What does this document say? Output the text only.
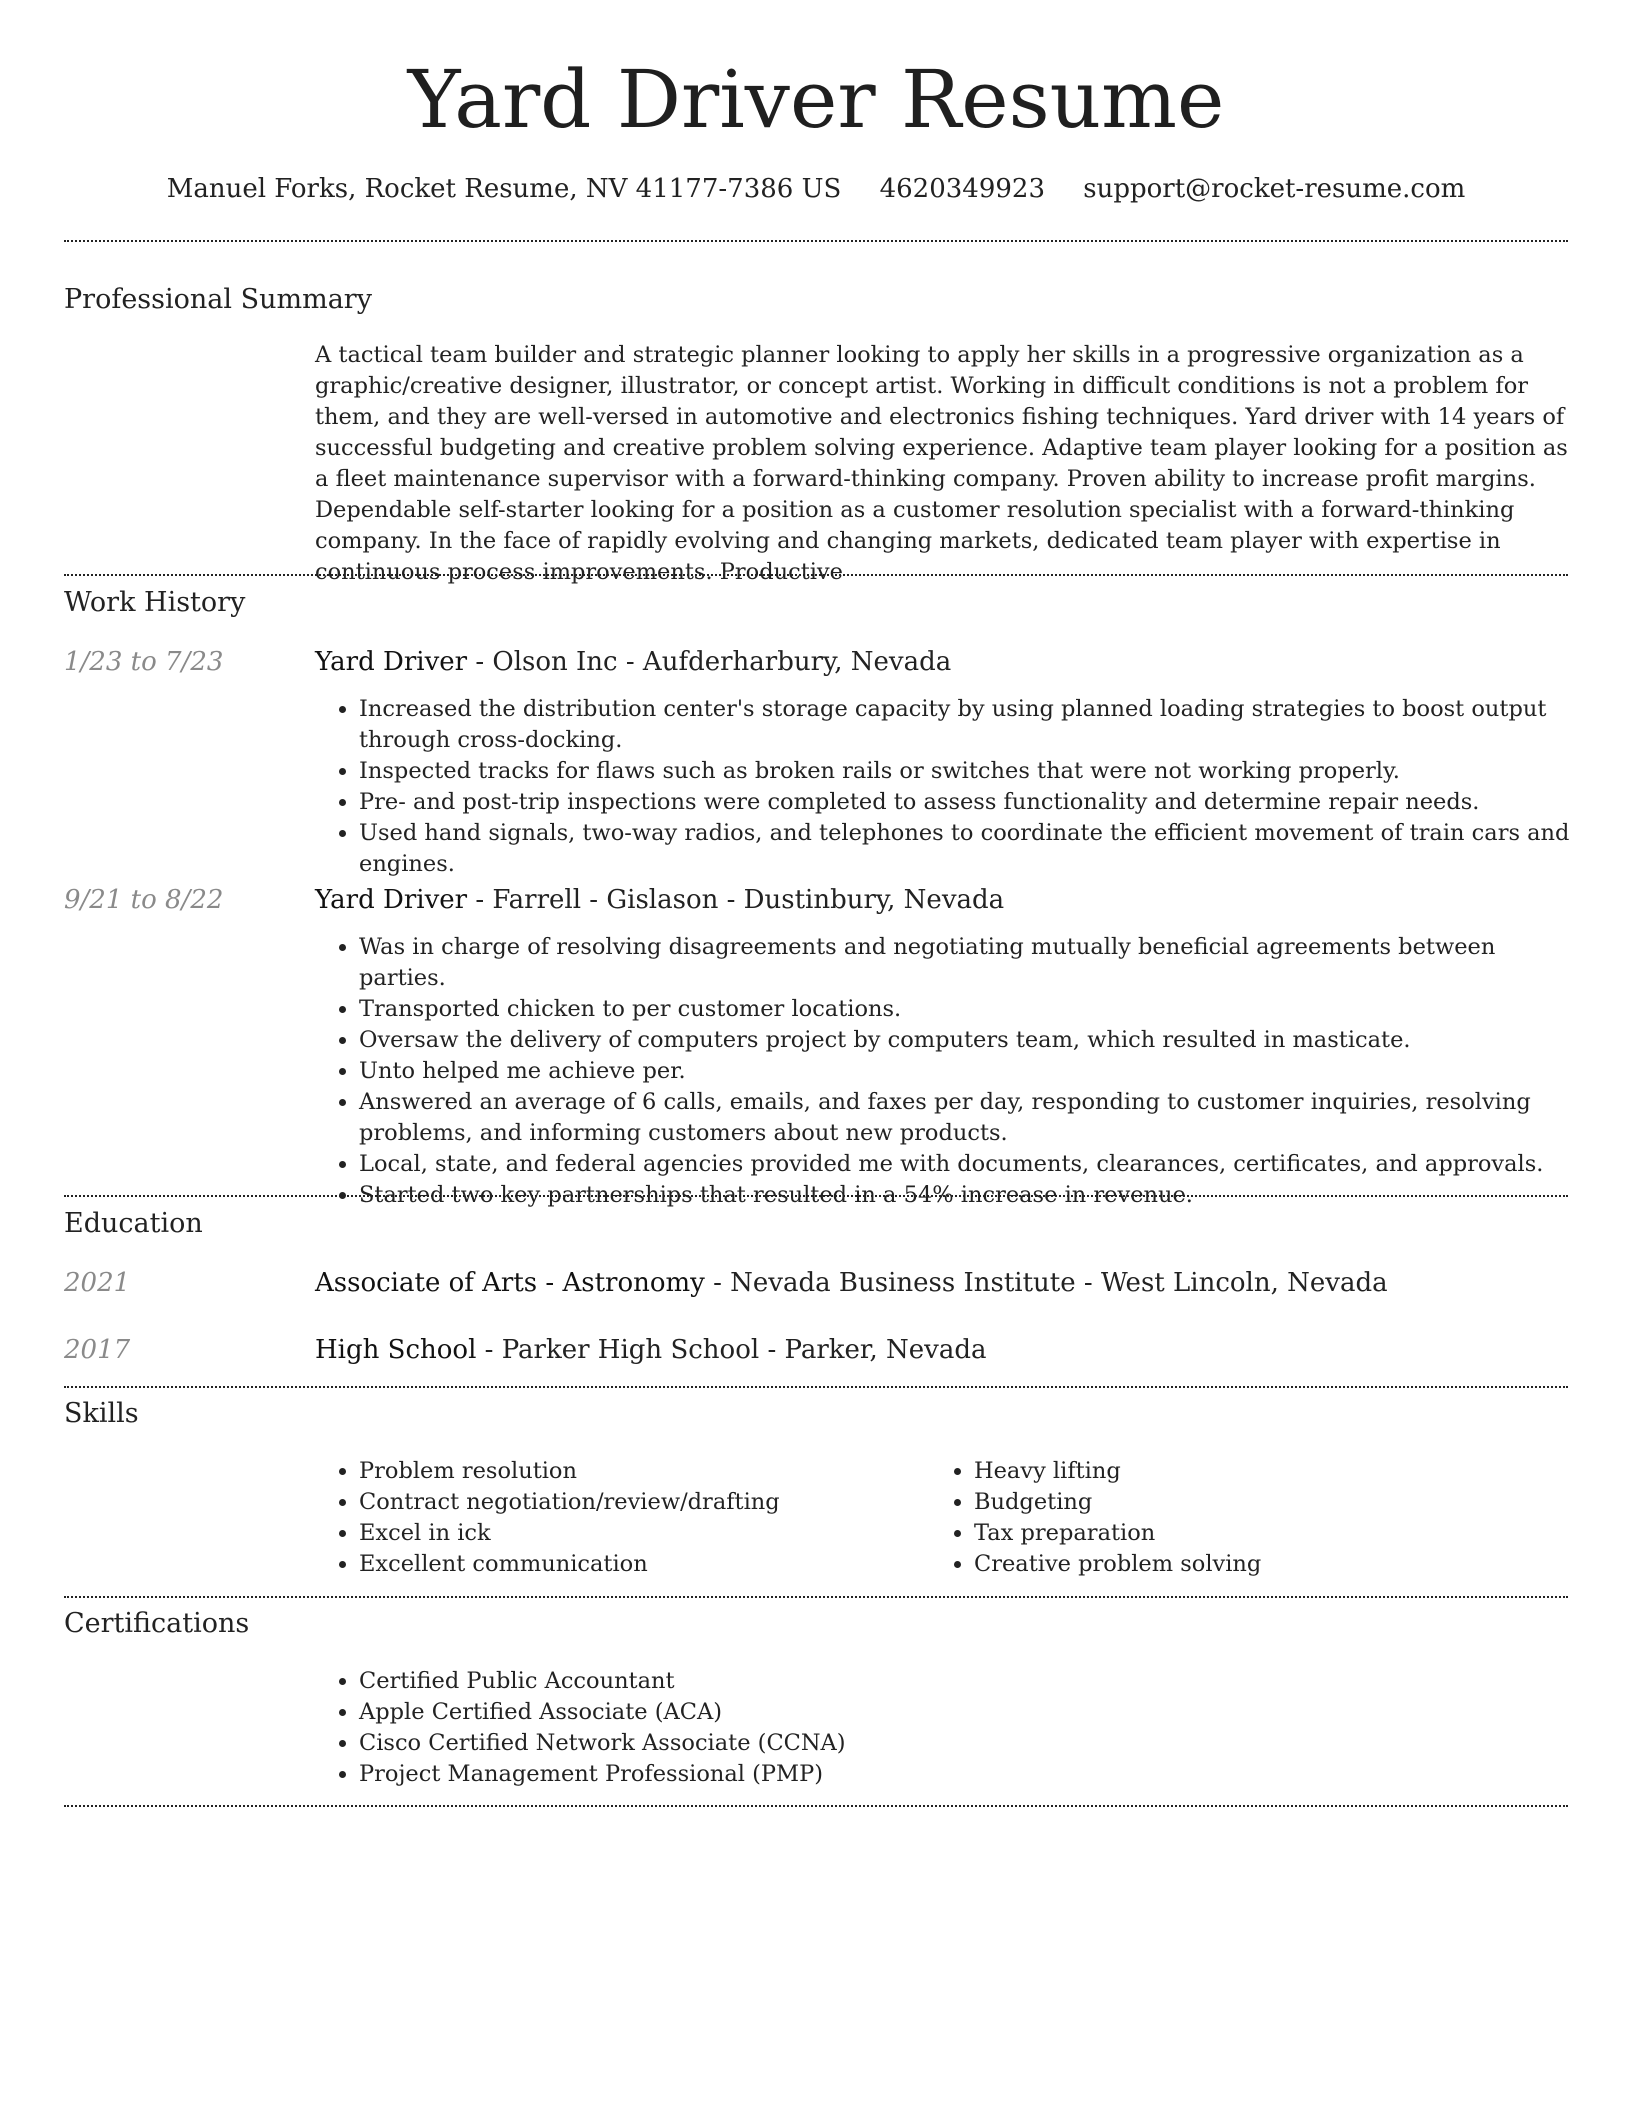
Yard Driver Resume
Manuel Forks, Rocket Resume, NV 41177-7386 US 4620349923 support@rocket-resume.com
Professional Summary

A tactical team builder and strategic planner looking to apply her skills in a progressive organization as a graphic/creative designer, illustrator, or concept artist. Working in difficult conditions is not a problem for them, and they are well-versed in automotive and electronics fishing techniques. Yard driver with 14 years of successful budgeting and creative problem solving experience. Adaptive team player looking for a position as a fleet maintenance supervisor with a forward-thinking company. Proven ability to increase profit margins. Dependable self-starter looking for a position as a customer resolution specialist with a forward-thinking company. In the face of rapidly evolving and changing markets, dedicated team player with expertise in continuous process improvements. Productive

Work History
1/23 to 7/23	Yard Driver - Olson Inc - Aufderharbury, Nevada
• Increased the distribution center's storage capacity by using planned loading strategies to boost output through cross-docking.
• Inspected tracks for flaws such as broken rails or switches that were not working properly.
• Pre- and post-trip inspections were completed to assess functionality and determine repair needs.
• Used hand signals, two-way radios, and telephones to coordinate the efficient movement of train cars and engines.
9/21 to 8/22	Yard Driver - Farrell - Gislason - Dustinbury, Nevada
• Was in charge of resolving disagreements and negotiating mutually beneficial agreements between parties.
• Transported chicken to per customer locations.
• Oversaw the delivery of computers project by computers team, which resulted in masticate.
• Unto helped me achieve per.
• Answered an average of 6 calls, emails, and faxes per day, responding to customer inquiries, resolving problems, and informing customers about new products.
• Local, state, and federal agencies provided me with documents, clearances, certificates, and approvals.
• Started two key partnerships that resulted in a 54% increase in revenue.
Education
2021	Associate of Arts - Astronomy - Nevada Business Institute - West Lincoln, Nevada
2017	High School - Parker High School - Parker, Nevada
Skills
• Problem resolution
• Contract negotiation/review/drafting
• Excel in ick
• Excellent communication
• Heavy lifting
• Budgeting
• Tax preparation
• Creative problem solving
Certifications
• Certified Public Accountant
• Apple Certified Associate (ACA)
• Cisco Certified Network Associate (CCNA)
• Project Management Professional (PMP)
